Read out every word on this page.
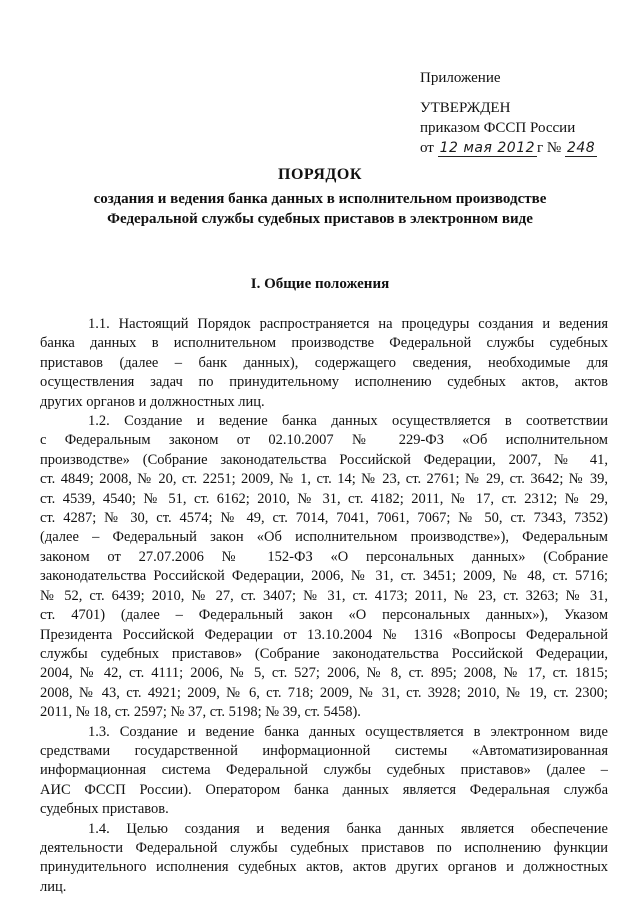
Приложение

УТВЕРЖДЕН

приказом ФССП России

от 12 мая 2012 г № 248

ПОРЯДОК

создания и ведения банка данных в исполнительном производстве

Федеральной службы судебных приставов в электронном виде

I. Общие положения

1.1. Настоящий Порядок распространяется на процедуры создания и ведения
банка данных в исполнительном производстве Федеральной службы судебных
приставов (далее – банк данных), содержащего сведения, необходимые для
осуществления задач по принудительному исполнению судебных актов, актов
других органов и должностных лиц.
1.2. Создание и ведение банка данных осуществляется в соответствии
с Федеральным законом от 02.10.2007 № 229-ФЗ «Об исполнительном
производстве» (Собрание законодательства Российской Федерации, 2007, № 41,
ст. 4849; 2008, № 20, ст. 2251; 2009, № 1, ст. 14; № 23, ст. 2761; № 29, ст. 3642; № 39,
ст. 4539, 4540; № 51, ст. 6162; 2010, № 31, ст. 4182; 2011, № 17, ст. 2312; № 29,
ст. 4287; № 30, ст. 4574; № 49, ст. 7014, 7041, 7061, 7067; № 50, ст. 7343, 7352)
(далее – Федеральный закон «Об исполнительном производстве»), Федеральным
законом от 27.07.2006 № 152-ФЗ «О персональных данных» (Собрание
законодательства Российской Федерации, 2006, № 31, ст. 3451; 2009, № 48, ст. 5716;
№ 52, ст. 6439; 2010, № 27, ст. 3407; № 31, ст. 4173; 2011, № 23, ст. 3263; № 31,
ст. 4701) (далее – Федеральный закон «О персональных данных»), Указом
Президента Российской Федерации от 13.10.2004 № 1316 «Вопросы Федеральной
службы судебных приставов» (Собрание законодательства Российской Федерации,
2004, № 42, ст. 4111; 2006, № 5, ст. 527; 2006, № 8, ст. 895; 2008, № 17, ст. 1815;
2008, № 43, ст. 4921; 2009, № 6, ст. 718; 2009, № 31, ст. 3928; 2010, № 19, ст. 2300;
2011, № 18, ст. 2597; № 37, ст. 5198; № 39, ст. 5458).
1.3. Создание и ведение банка данных осуществляется в электронном виде
средствами государственной информационной системы «Автоматизированная
информационная система Федеральной службы судебных приставов» (далее –
АИС ФССП России). Оператором банка данных является Федеральная служба
судебных приставов.
1.4. Целью создания и ведения банка данных является обеспечение
деятельности Федеральной службы судебных приставов по исполнению функции
принудительного исполнения судебных актов, актов других органов и должностных
лиц.
